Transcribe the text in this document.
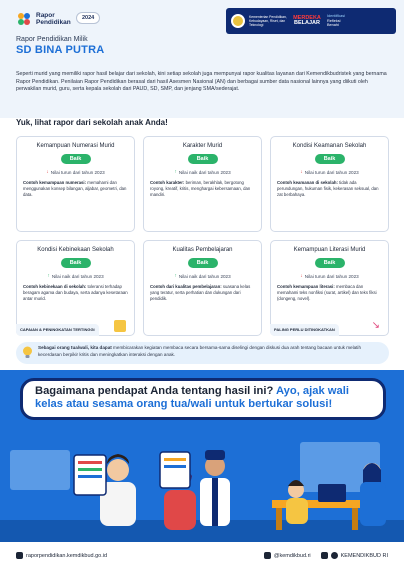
Rapor Pendidikan
2024	Kementerian Pendidikan, Kebudayaan, Riset, dan Teknologi
MERDEKA
BELAJAR
Identifikasi
Refleksi
Benahi
Rapor Pendidikan Milik
SD BINA PUTRA
Seperti murid yang memiliki rapor hasil belajar dari sekolah, kini setiap sekolah juga mempunyai rapor kualitas layanan dari Kemendikbudristek yang bernama Rapor Pendidikan. Penilaian Rapor Pendidikan berasal dari hasil Asesmen Nasional (AN) dan berbagai sumber data nasional lainnya yang diikuti oleh perwakilan murid, guru, serta kepala sekolah dari PAUD, SD, SMP, dan jenjang SMA/sederajat.
Yuk, lihat rapor dari sekolah anak Anda!
Kemampuan Numerasi Murid
Baik
↓ Nilai turun dari tahun 2023
Contoh kemampuan numerasi: memahami dan menggunakan konsep bilangan, aljabar, geometri, dan data.
Karakter Murid
Baik
↑ Nilai naik dari tahun 2023
Contoh karakter: beriman, berakhlak, bergotong royong, kreatif, kritis, menghargai kebersamaan, dan mandiri.
Kondisi Keamanan Sekolah
Baik
↓ Nilai turun dari tahun 2023
Contoh keamanan di sekolah: tidak ada perundungan, hukuman fisik, kekerasan seksual, dan zat berbahaya.
Kondisi Kebinekaan Sekolah
Baik
↑ Nilai naik dari tahun 2023
Contoh kebinekaan di sekolah: toleransi terhadap beragam agama dan budaya, serta adanya kesetaraan antar murid.
CAPAIAN & PENINGKATAN TERTINGGI
Kualitas Pembelajaran
Baik
↑ Nilai naik dari tahun 2023
Contoh dari kualitas pembelajaran: suasana kelas yang teratur, serta perhatian dan dukungan dari pendidik.
Kemampuan Literasi Murid
Baik
↓ Nilai turun dari tahun 2023
Contoh kemampuan literasi: membaca dan memahami teks nonfiksi (surat, artikel) dan teks fiksi (dongeng, novel).
PALING PERLU DITINGKATKAN	↘
Sebagai orang tua/wali, kita dapat membicarakan kegiatan membaca secara bersama-sama diselingi dengan diskusi dua arah tentang bacaan untuk melatih kecerdasan berpikir kritis dan meningkatkan interaksi dengan anak.
Bagaimana pendapat Anda tentang hasil ini? Ayo, ajak wali kelas atau sesama orang tua/wali untuk bertukar solusi!
raporpendidikan.kemdikbud.go.id	@kemdikbud.ri	KEMENDIKBUD RI
